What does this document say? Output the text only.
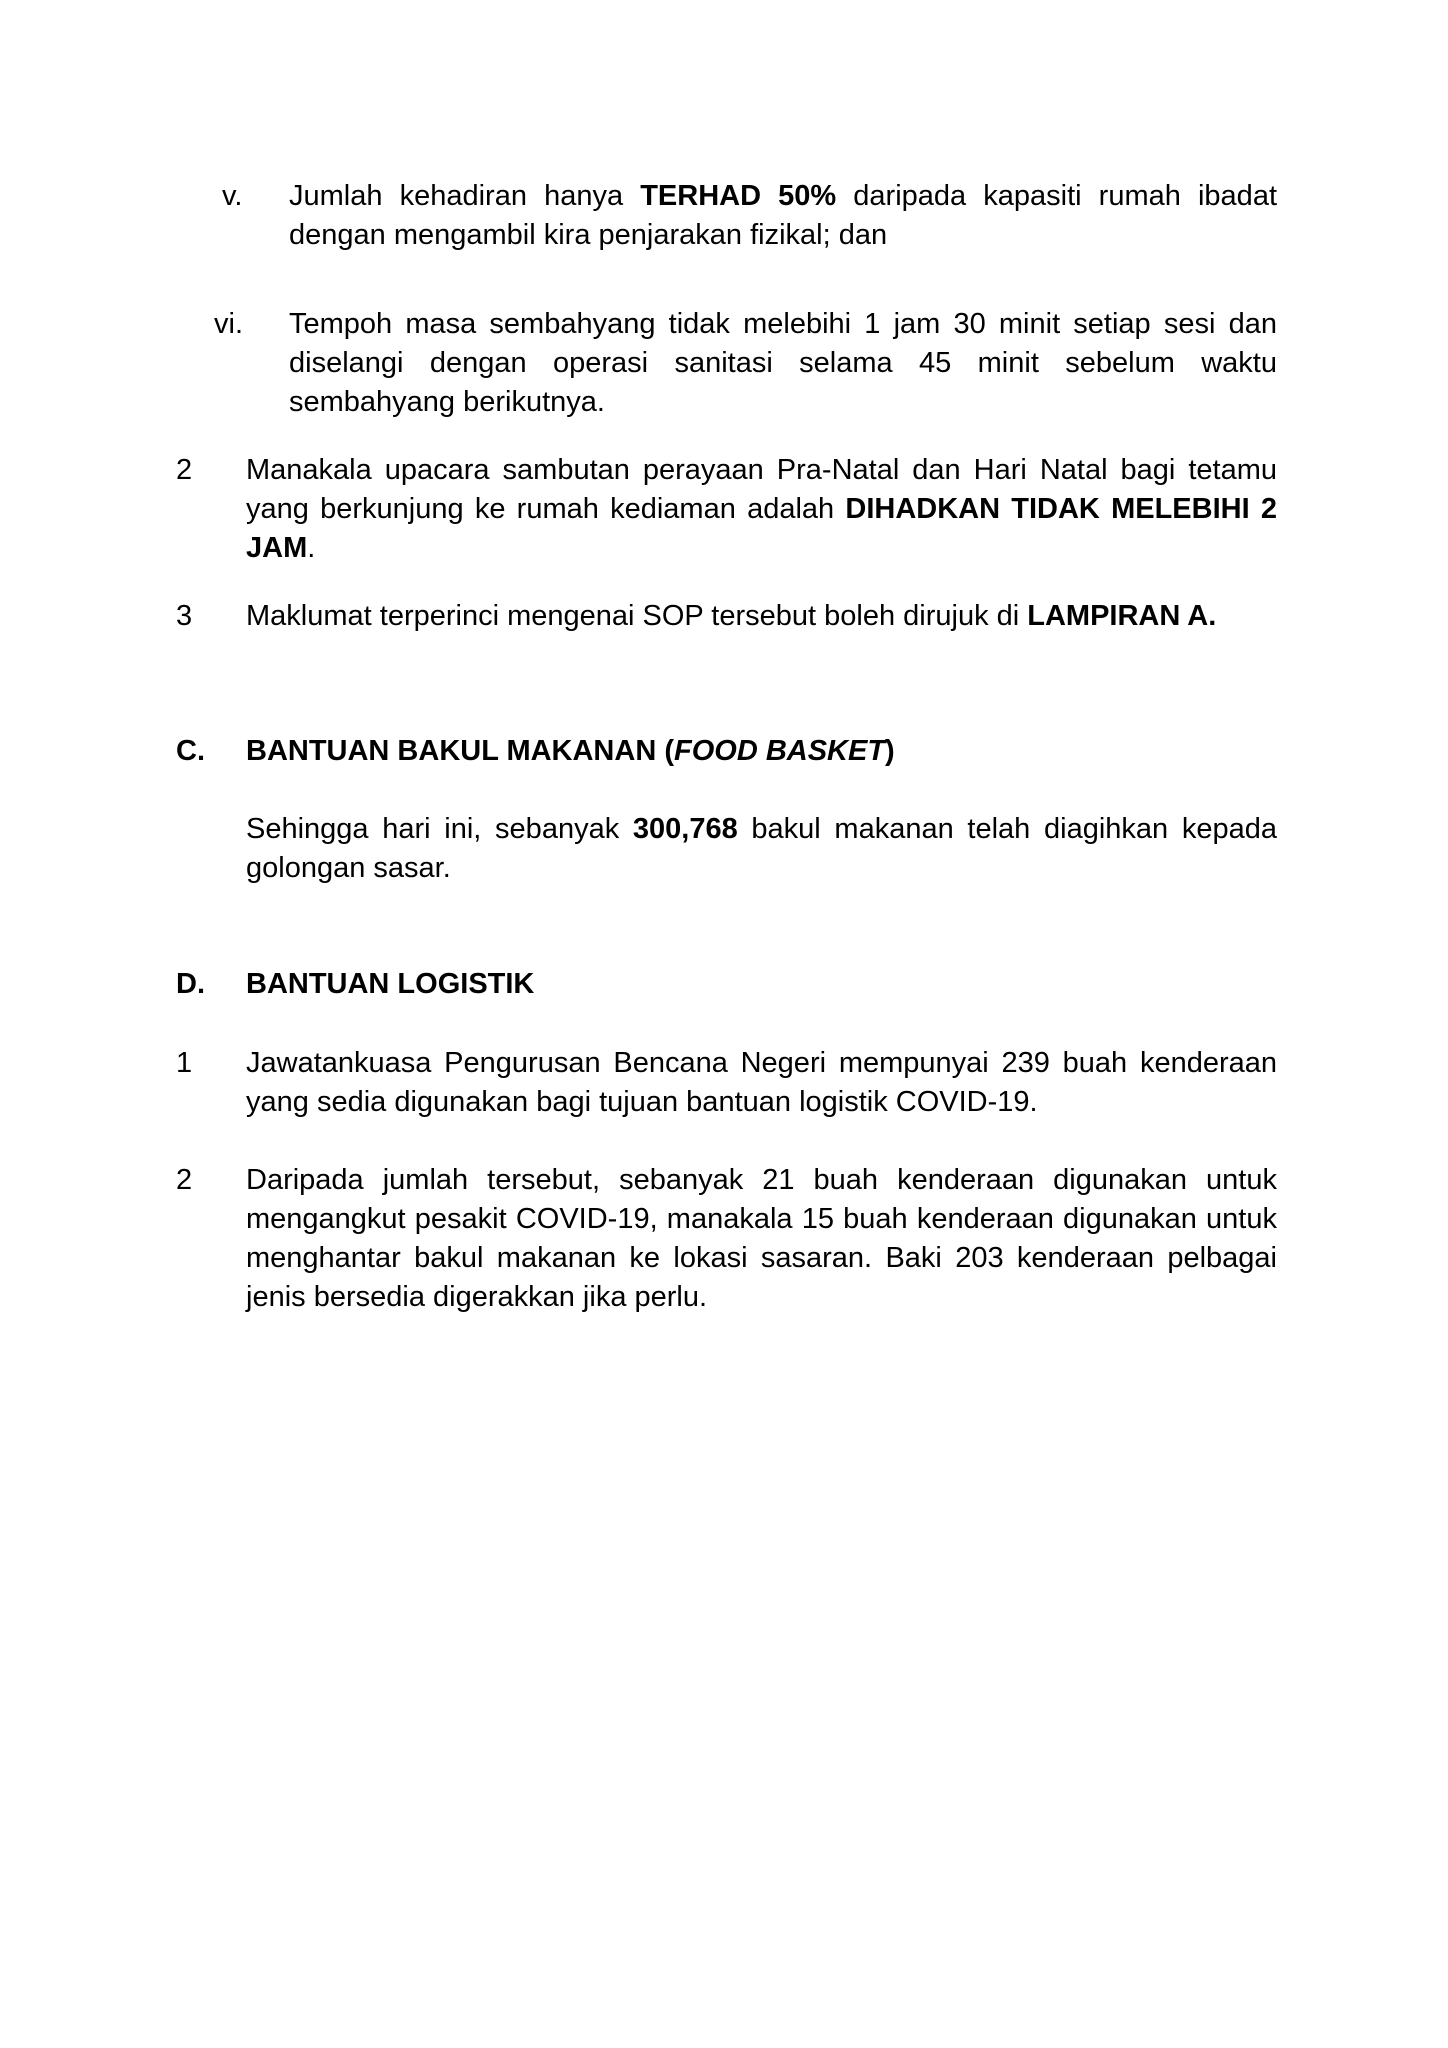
v. Jumlah kehadiran hanya TERHAD 50% daripada kapasiti rumah ibadat dengan mengambil kira penjarakan fizikal; dan

vi. Tempoh masa sembahyang tidak melebihi 1 jam 30 minit setiap sesi dan diselangi dengan operasi sanitasi selama 45 minit sebelum waktu sembahyang berikutnya.

2 Manakala upacara sambutan perayaan Pra-Natal dan Hari Natal bagi tetamu yang berkunjung ke rumah kediaman adalah DIHADKAN TIDAK MELEBIHI 2 JAM.

3 Maklumat terperinci mengenai SOP tersebut boleh dirujuk di LAMPIRAN A.

C. BANTUAN BAKUL MAKANAN (FOOD BASKET)

Sehingga hari ini, sebanyak 300,768 bakul makanan telah diagihkan kepada golongan sasar.

D. BANTUAN LOGISTIK

1 Jawatankuasa Pengurusan Bencana Negeri mempunyai 239 buah kenderaan yang sedia digunakan bagi tujuan bantuan logistik COVID-19.

2 Daripada jumlah tersebut, sebanyak 21 buah kenderaan digunakan untuk mengangkut pesakit COVID-19, manakala 15 buah kenderaan digunakan untuk menghantar bakul makanan ke lokasi sasaran. Baki 203 kenderaan pelbagai jenis bersedia digerakkan jika perlu.
